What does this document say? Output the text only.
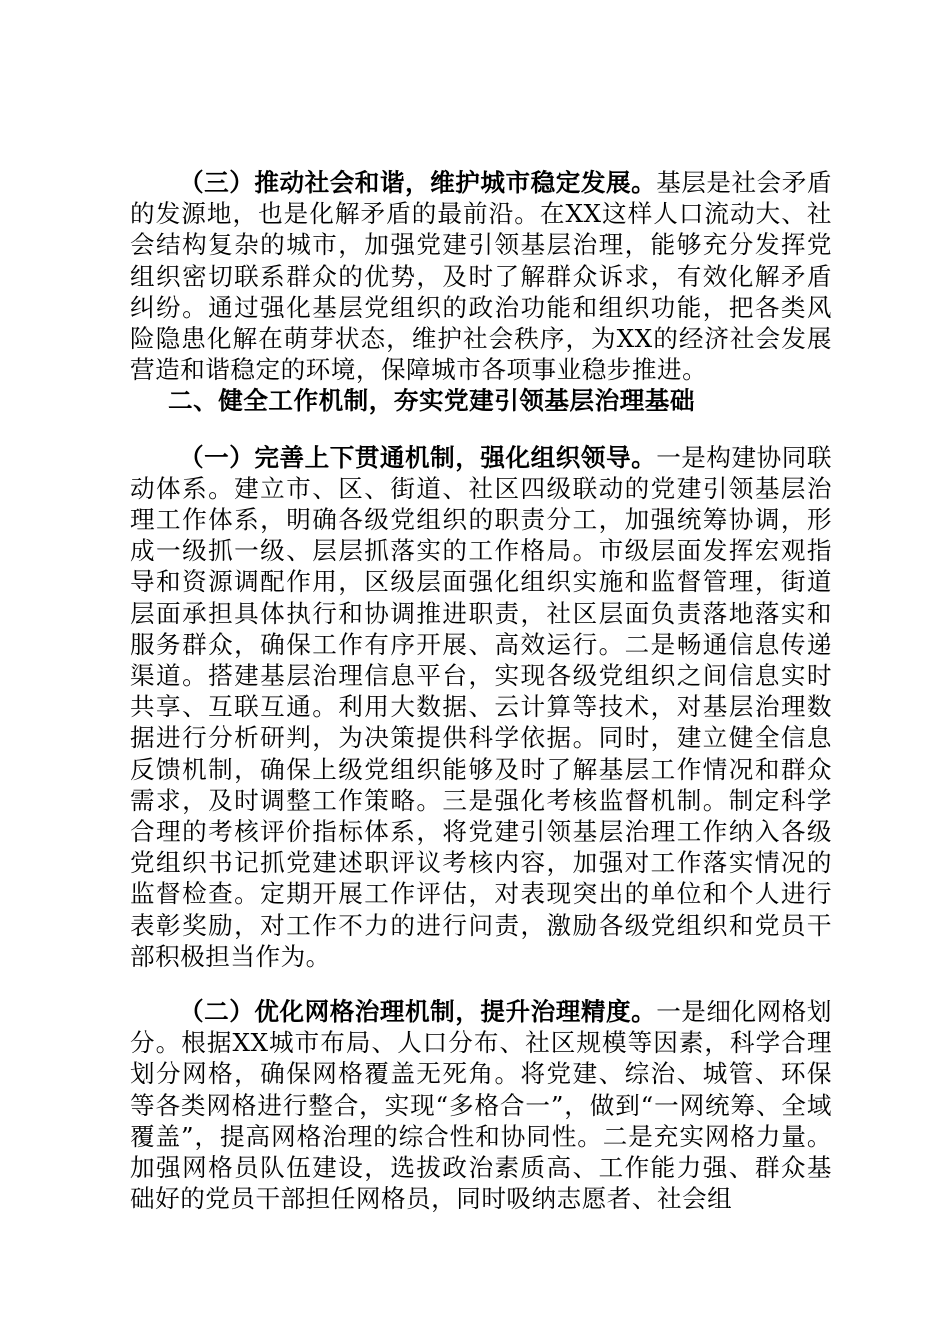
（三）推动社会和谐，维护城市稳定发展。基层是社会矛盾的发源地，也是化解矛盾的最前沿。在XX这样人口流动大、社会结构复杂的城市，加强党建引领基层治理，能够充分发挥党组织密切联系群众的优势，及时了解群众诉求，有效化解矛盾纠纷。通过强化基层党组织的政治功能和组织功能，把各类风险隐患化解在萌芽状态，维护社会秩序，为XX的经济社会发展营造和谐稳定的环境，保障城市各项事业稳步推进。

二、健全工作机制，夯实党建引领基层治理基础

（一）完善上下贯通机制，强化组织领导。一是构建协同联动体系。建立市、区、街道、社区四级联动的党建引领基层治理工作体系，明确各级党组织的职责分工，加强统筹协调，形成一级抓一级、层层抓落实的工作格局。市级层面发挥宏观指导和资源调配作用，区级层面强化组织实施和监督管理，街道层面承担具体执行和协调推进职责，社区层面负责落地落实和服务群众，确保工作有序开展、高效运行。二是畅通信息传递渠道。搭建基层治理信息平台，实现各级党组织之间信息实时共享、互联互通。利用大数据、云计算等技术，对基层治理数据进行分析研判，为决策提供科学依据。同时，建立健全信息反馈机制，确保上级党组织能够及时了解基层工作情况和群众需求，及时调整工作策略。三是强化考核监督机制。制定科学合理的考核评价指标体系，将党建引领基层治理工作纳入各级党组织书记抓党建述职评议考核内容，加强对工作落实情况的监督检查。定期开展工作评估，对表现突出的单位和个人进行表彰奖励，对工作不力的进行问责，激励各级党组织和党员干部积极担当作为。

（二）优化网格治理机制，提升治理精度。一是细化网格划分。根据XX城市布局、人口分布、社区规模等因素，科学合理划分网格，确保网格覆盖无死角。将党建、综治、城管、环保等各类网格进行整合，实现“多格合一”，做到“一网统筹、全域覆盖”，提高网格治理的综合性和协同性。二是充实网格力量。加强网格员队伍建设，选拔政治素质高、工作能力强、群众基础好的党员干部担任网格员，同时吸纳志愿者、社会组
